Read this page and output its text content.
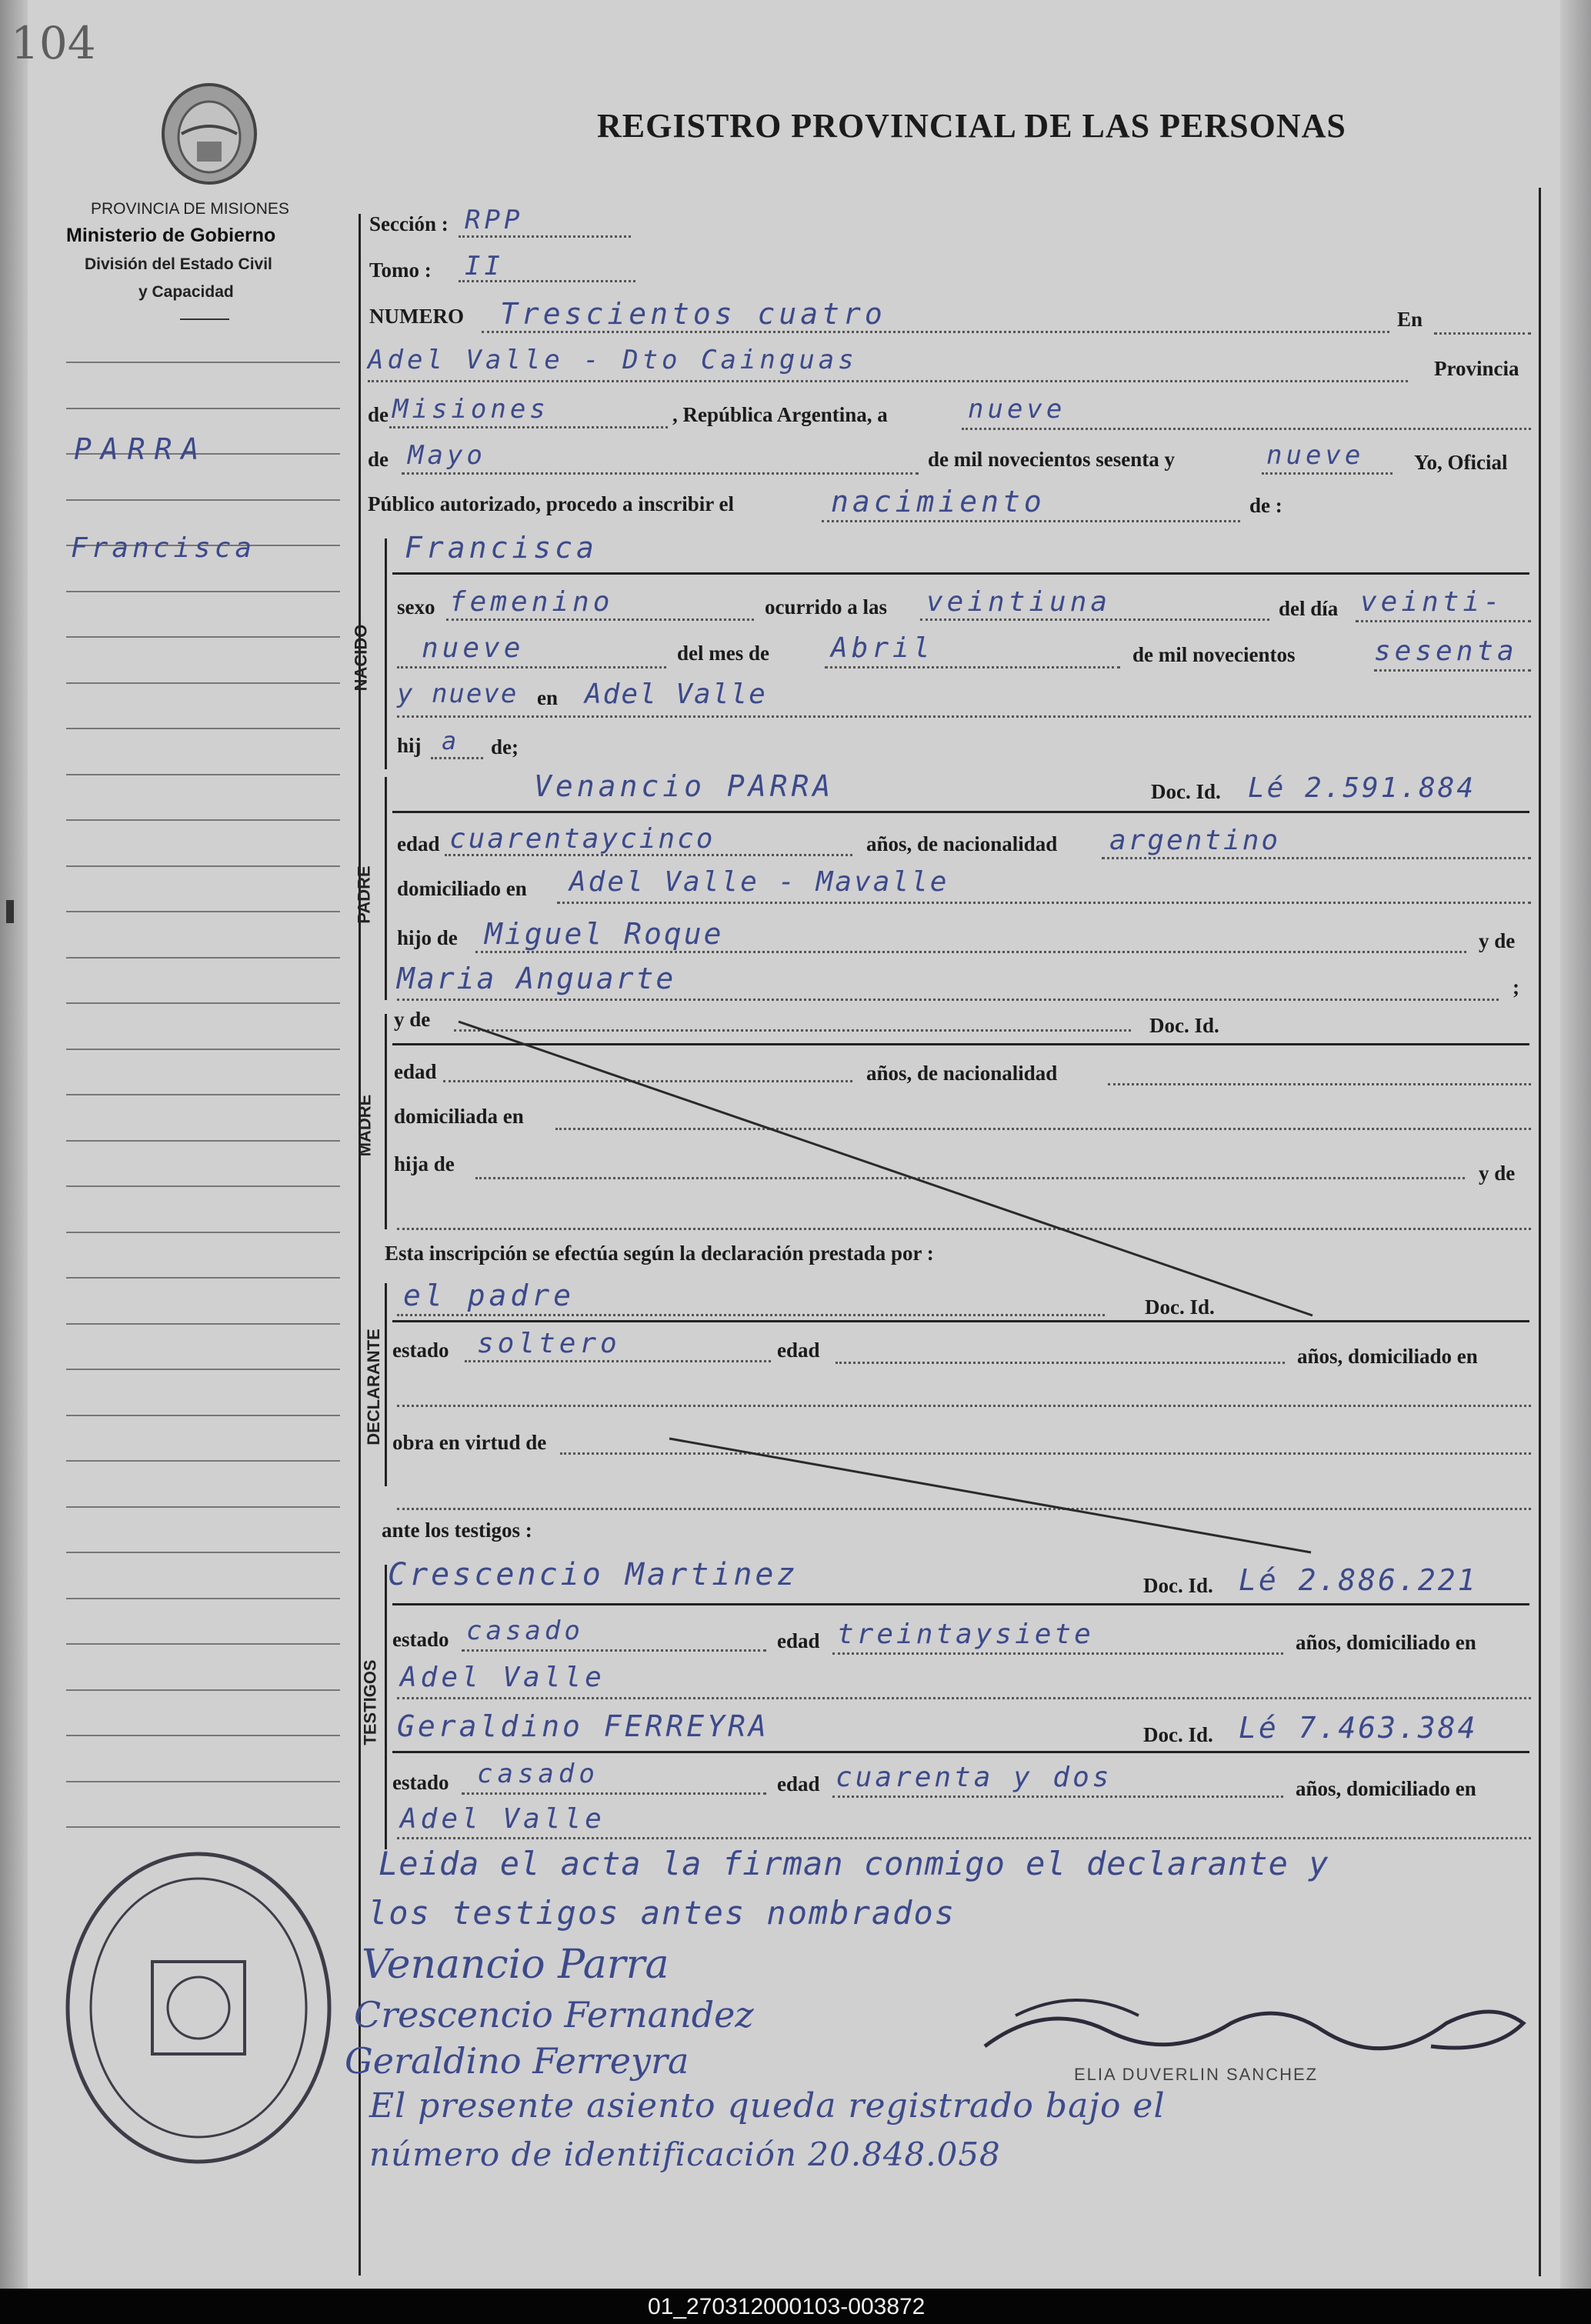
104
REGISTRO PROVINCIAL DE LAS PERSONAS
PROVINCIA DE MISIONES
Ministerio de Gobierno
División del Estado Civil
y Capacidad
PARRA
Francisca
Sección : RPP
Tomo : II
NUMERO Trescientos cuatro	En
Adel Valle - Dto Cainguas	Provincia
de Misiones	, República Argentina, a	nueve
de Mayo	de mil novecientos sesenta y	nueve Yo, Oficial
Público autorizado, procedo a inscribir el	nacimiento	de :
NACIDO
Francisca
sexo femenino	ocurrido a las veintiuna	del día veinti-
nueve	del mes de Abril	de mil novecientos	sesenta
y nueve en Adel Valle
hij a de;
PADRE
Venancio PARRA	Doc. Id. Lé 2.591.884
edad cuarentaycinco	años, de nacionalidad argentino
domiciliado en Adel Valle - Mavalle
hijo de Miguel Roque	y de
Maria Anguarte	;
MADRE
y de	Doc. Id.
edad	años, de nacionalidad
domiciliada en
hija de	y de
Esta inscripción se efectúa según la declaración prestada por :
DECLARANTE
el padre	Doc. Id.
estado soltero	edad	años, domiciliado en
obra en virtud de
ante los testigos :
TESTIGOS
Crescencio Martinez	Doc. Id. Lé 2.886.221
estado casado	edad treintaysiete	años, domiciliado en
Adel Valle
Geraldino FERREYRA	Doc. Id. Lé 7.463.384
estado casado	edad cuarenta y dos	años, domiciliado en
Adel Valle
Leida el acta la firman conmigo el declarante y
los testigos antes nombrados
Venancio Parra
Crescencio Fernandez
Geraldino Ferreyra	ELIA DUVERLIN SANCHEZ
El presente asiento queda registrado bajo el
número de identificación 20.848.058
01_270312000103-003872
